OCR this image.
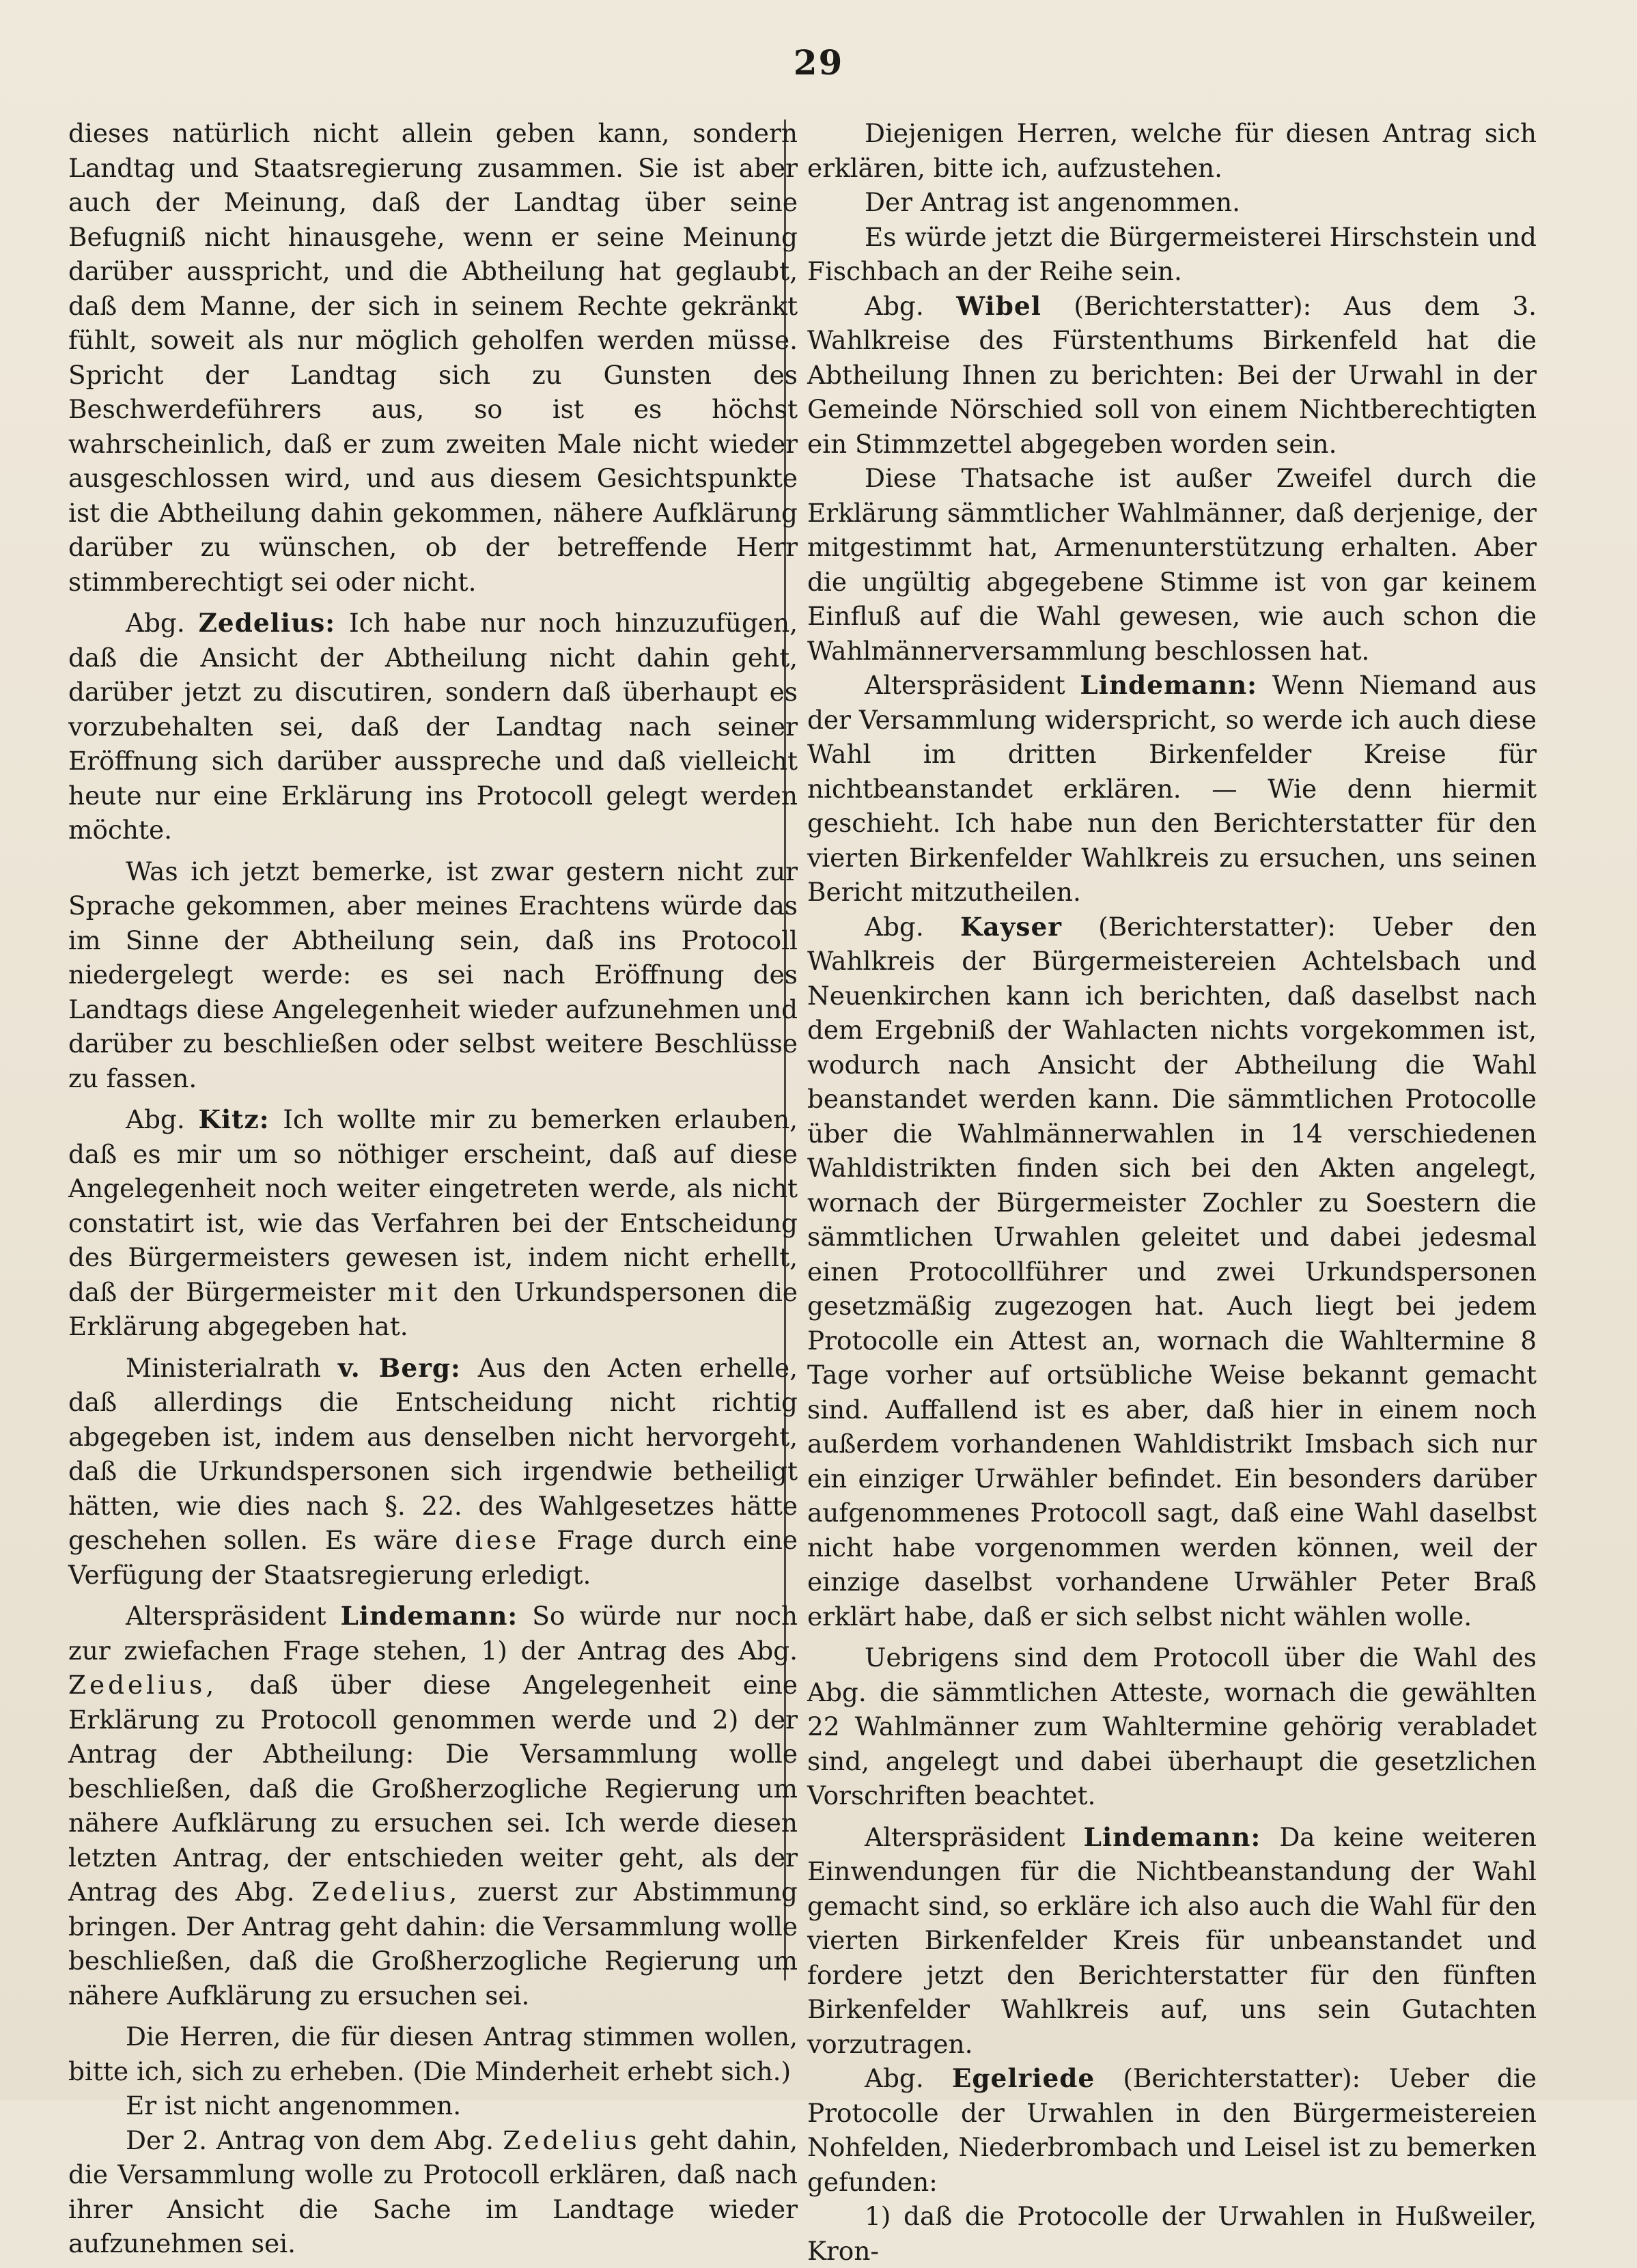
29

dieses natürlich nicht allein geben kann, sondern Landtag und Staatsregierung zusammen. Sie ist aber auch der Meinung, daß der Landtag über seine Befugniß nicht hinausgehe, wenn er seine Meinung darüber ausspricht, und die Abtheilung hat geglaubt, daß dem Manne, der sich in seinem Rechte gekränkt fühlt, soweit als nur möglich geholfen werden müsse. Spricht der Landtag sich zu Gunsten des Beschwerdeführers aus, so ist es höchst wahrscheinlich, daß er zum zweiten Male nicht wieder ausgeschlossen wird, und aus diesem Gesichtspunkte ist die Abtheilung dahin gekommen, nähere Aufklärung darüber zu wünschen, ob der betreffende Herr stimmberechtigt sei oder nicht.

Abg. Zedelius: Ich habe nur noch hinzuzufügen, daß die Ansicht der Abtheilung nicht dahin geht, darüber jetzt zu discutiren, sondern daß überhaupt es vorzubehalten sei, daß der Landtag nach seiner Eröffnung sich darüber ausspreche und daß vielleicht heute nur eine Erklärung ins Protocoll gelegt werden möchte.

Was ich jetzt bemerke, ist zwar gestern nicht zur Sprache gekommen, aber meines Erachtens würde das im Sinne der Abtheilung sein, daß ins Protocoll niedergelegt werde: es sei nach Eröffnung des Landtags diese Angelegenheit wieder aufzunehmen und darüber zu beschließen oder selbst weitere Beschlüsse zu fassen.

Abg. Kitz: Ich wollte mir zu bemerken erlauben, daß es mir um so nöthiger erscheint, daß auf diese Angelegenheit noch weiter eingetreten werde, als nicht constatirt ist, wie das Verfahren bei der Entscheidung des Bürgermeisters gewesen ist, indem nicht erhellt, daß der Bürgermeister mit den Urkundspersonen die Erklärung abgegeben hat.

Ministerialrath v. Berg: Aus den Acten erhelle, daß allerdings die Entscheidung nicht richtig abgegeben ist, indem aus denselben nicht hervorgeht, daß die Urkundspersonen sich irgendwie betheiligt hätten, wie dies nach §. 22. des Wahlgesetzes hätte geschehen sollen. Es wäre diese Frage durch eine Verfügung der Staatsregierung erledigt.

Alterspräsident Lindemann: So würde nur noch zur zwiefachen Frage stehen, 1) der Antrag des Abg. Zedelius, daß über diese Angelegenheit eine Erklärung zu Protocoll genommen werde und 2) der Antrag der Abtheilung: Die Versammlung wolle beschließen, daß die Großherzogliche Regierung um nähere Aufklärung zu ersuchen sei. Ich werde diesen letzten Antrag, der entschieden weiter geht, als der Antrag des Abg. Zedelius, zuerst zur Abstimmung bringen. Der Antrag geht dahin: die Versammlung wolle beschließen, daß die Großherzogliche Regierung um nähere Aufklärung zu ersuchen sei.

Die Herren, die für diesen Antrag stimmen wollen, bitte ich, sich zu erheben. (Die Minderheit erhebt sich.)

Er ist nicht angenommen.

Der 2. Antrag von dem Abg. Zedelius geht dahin, die Versammlung wolle zu Protocoll erklären, daß nach ihrer Ansicht die Sache im Landtage wieder aufzunehmen sei.

Diejenigen Herren, welche für diesen Antrag sich erklären, bitte ich, aufzustehen.

Der Antrag ist angenommen.

Es würde jetzt die Bürgermeisterei Hirschstein und Fischbach an der Reihe sein.

Abg. Wibel (Berichterstatter): Aus dem 3. Wahlkreise des Fürstenthums Birkenfeld hat die Abtheilung Ihnen zu berichten: Bei der Urwahl in der Gemeinde Nörschied soll von einem Nichtberechtigten ein Stimmzettel abgegeben worden sein.

Diese Thatsache ist außer Zweifel durch die Erklärung sämmtlicher Wahlmänner, daß derjenige, der mitgestimmt hat, Armenunterstützung erhalten. Aber die ungültig abgegebene Stimme ist von gar keinem Einfluß auf die Wahl gewesen, wie auch schon die Wahlmännerversammlung beschlossen hat.

Alterspräsident Lindemann: Wenn Niemand aus der Versammlung widerspricht, so werde ich auch diese Wahl im dritten Birkenfelder Kreise für nichtbeanstandet erklären. — Wie denn hiermit geschieht. Ich habe nun den Berichterstatter für den vierten Birkenfelder Wahlkreis zu ersuchen, uns seinen Bericht mitzutheilen.

Abg. Kayser (Berichterstatter): Ueber den Wahlkreis der Bürgermeistereien Achtelsbach und Neuenkirchen kann ich berichten, daß daselbst nach dem Ergebniß der Wahlacten nichts vorgekommen ist, wodurch nach Ansicht der Abtheilung die Wahl beanstandet werden kann. Die sämmtlichen Protocolle über die Wahlmännerwahlen in 14 verschiedenen Wahldistrikten finden sich bei den Akten angelegt, wornach der Bürgermeister Zochler zu Soestern die sämmtlichen Urwahlen geleitet und dabei jedesmal einen Protocollführer und zwei Urkundspersonen gesetzmäßig zugezogen hat. Auch liegt bei jedem Protocolle ein Attest an, wornach die Wahltermine 8 Tage vorher auf ortsübliche Weise bekannt gemacht sind. Auffallend ist es aber, daß hier in einem noch außerdem vorhandenen Wahldistrikt Imsbach sich nur ein einziger Urwähler befindet. Ein besonders darüber aufgenommenes Protocoll sagt, daß eine Wahl daselbst nicht habe vorgenommen werden können, weil der einzige daselbst vorhandene Urwähler Peter Braß erklärt habe, daß er sich selbst nicht wählen wolle.

Uebrigens sind dem Protocoll über die Wahl des Abg. die sämmtlichen Atteste, wornach die gewählten 22 Wahlmänner zum Wahltermine gehörig verabladet sind, angelegt und dabei überhaupt die gesetzlichen Vorschriften beachtet.

Alterspräsident Lindemann: Da keine weiteren Einwendungen für die Nichtbeanstandung der Wahl gemacht sind, so erkläre ich also auch die Wahl für den vierten Birkenfelder Kreis für unbeanstandet und fordere jetzt den Berichterstatter für den fünften Birkenfelder Wahlkreis auf, uns sein Gutachten vorzutragen.

Abg. Egelriede (Berichterstatter): Ueber die Protocolle der Urwahlen in den Bürgermeistereien Nohfelden, Niederbrombach und Leisel ist zu bemerken gefunden:

1) daß die Protocolle der Urwahlen in Hußweiler, Kron-
